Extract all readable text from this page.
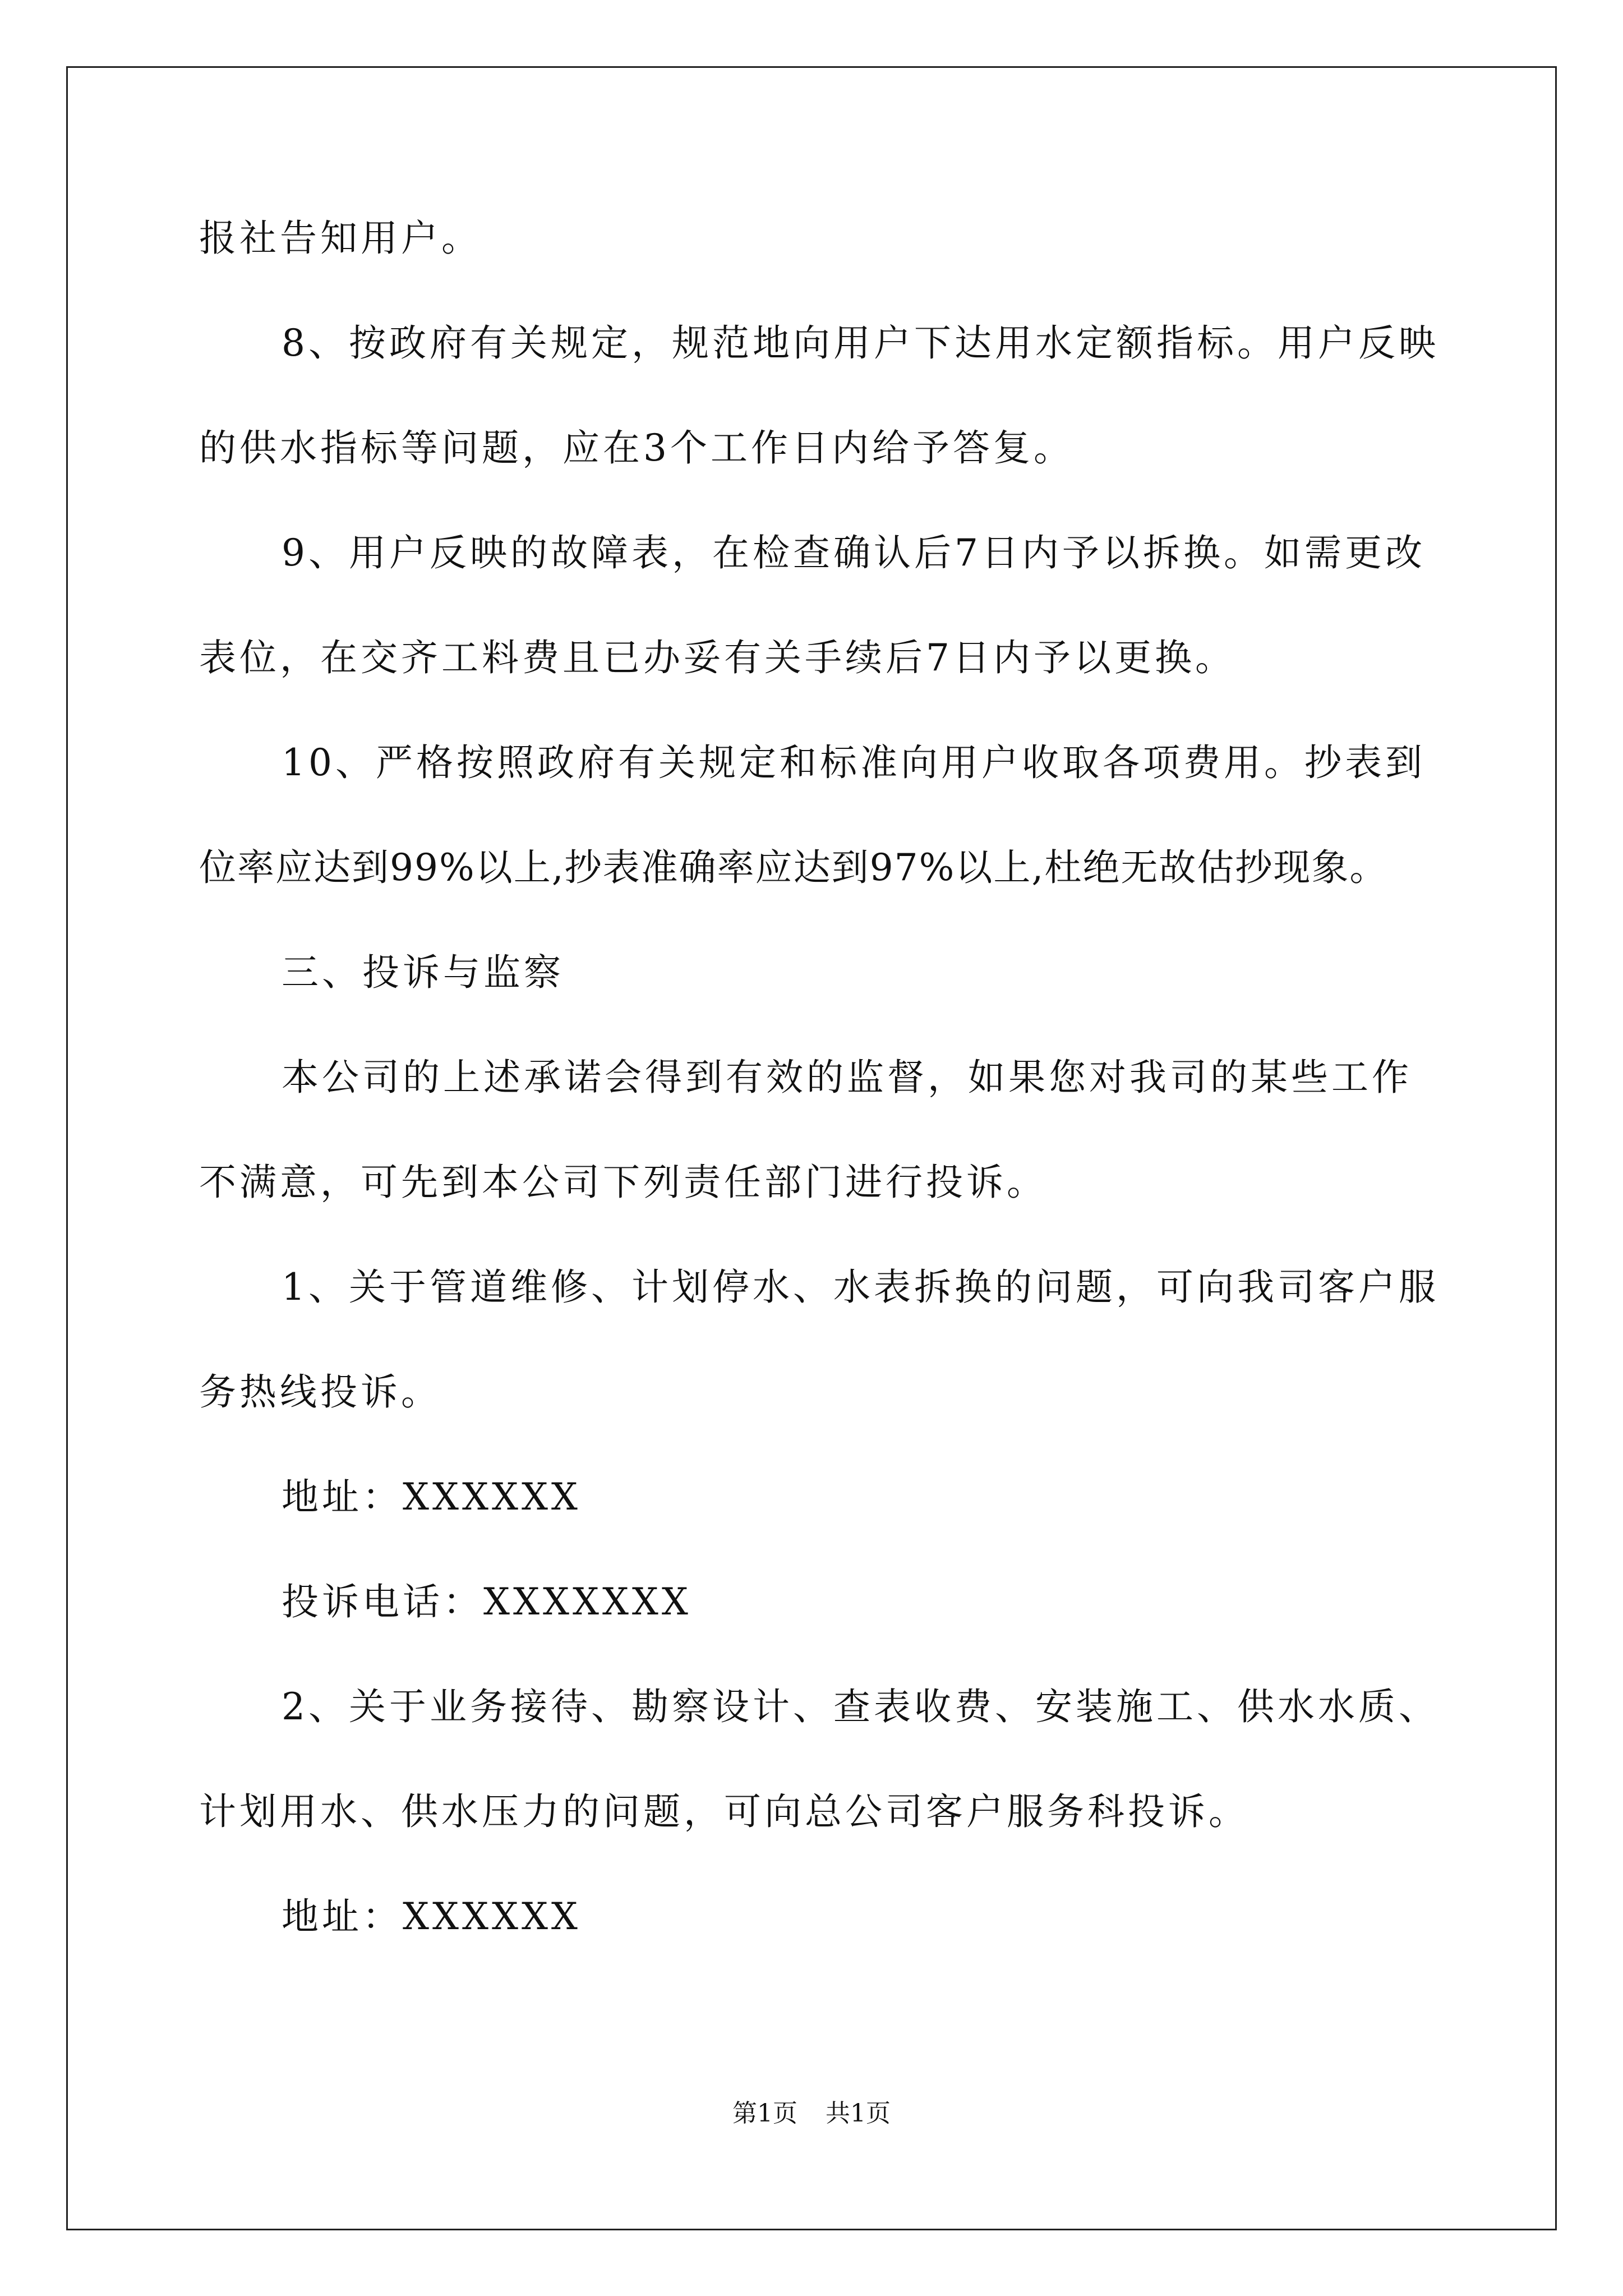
报社告知用户。
8、按政府有关规定，规范地向用户下达用水定额指标。用户反映
的供水指标等问题，应在3个工作日内给予答复。
9、用户反映的故障表，在检查确认后7日内予以拆换。如需更改
表位，在交齐工料费且已办妥有关手续后7日内予以更换。
10、严格按照政府有关规定和标准向用户收取各项费用。抄表到
位率应达到99%以上,抄表准确率应达到97%以上,杜绝无故估抄现象。
三、投诉与监察
本公司的上述承诺会得到有效的监督，如果您对我司的某些工作
不满意，可先到本公司下列责任部门进行投诉。
1、关于管道维修、计划停水、水表拆换的问题，可向我司客户服
务热线投诉。
地址：XXXXXX
投诉电话：XXXXXXX
2、关于业务接待、勘察设计、查表收费、安装施工、供水水质、
计划用水、供水压力的问题，可向总公司客户服务科投诉。
地址：XXXXXX
第1页 共1页
